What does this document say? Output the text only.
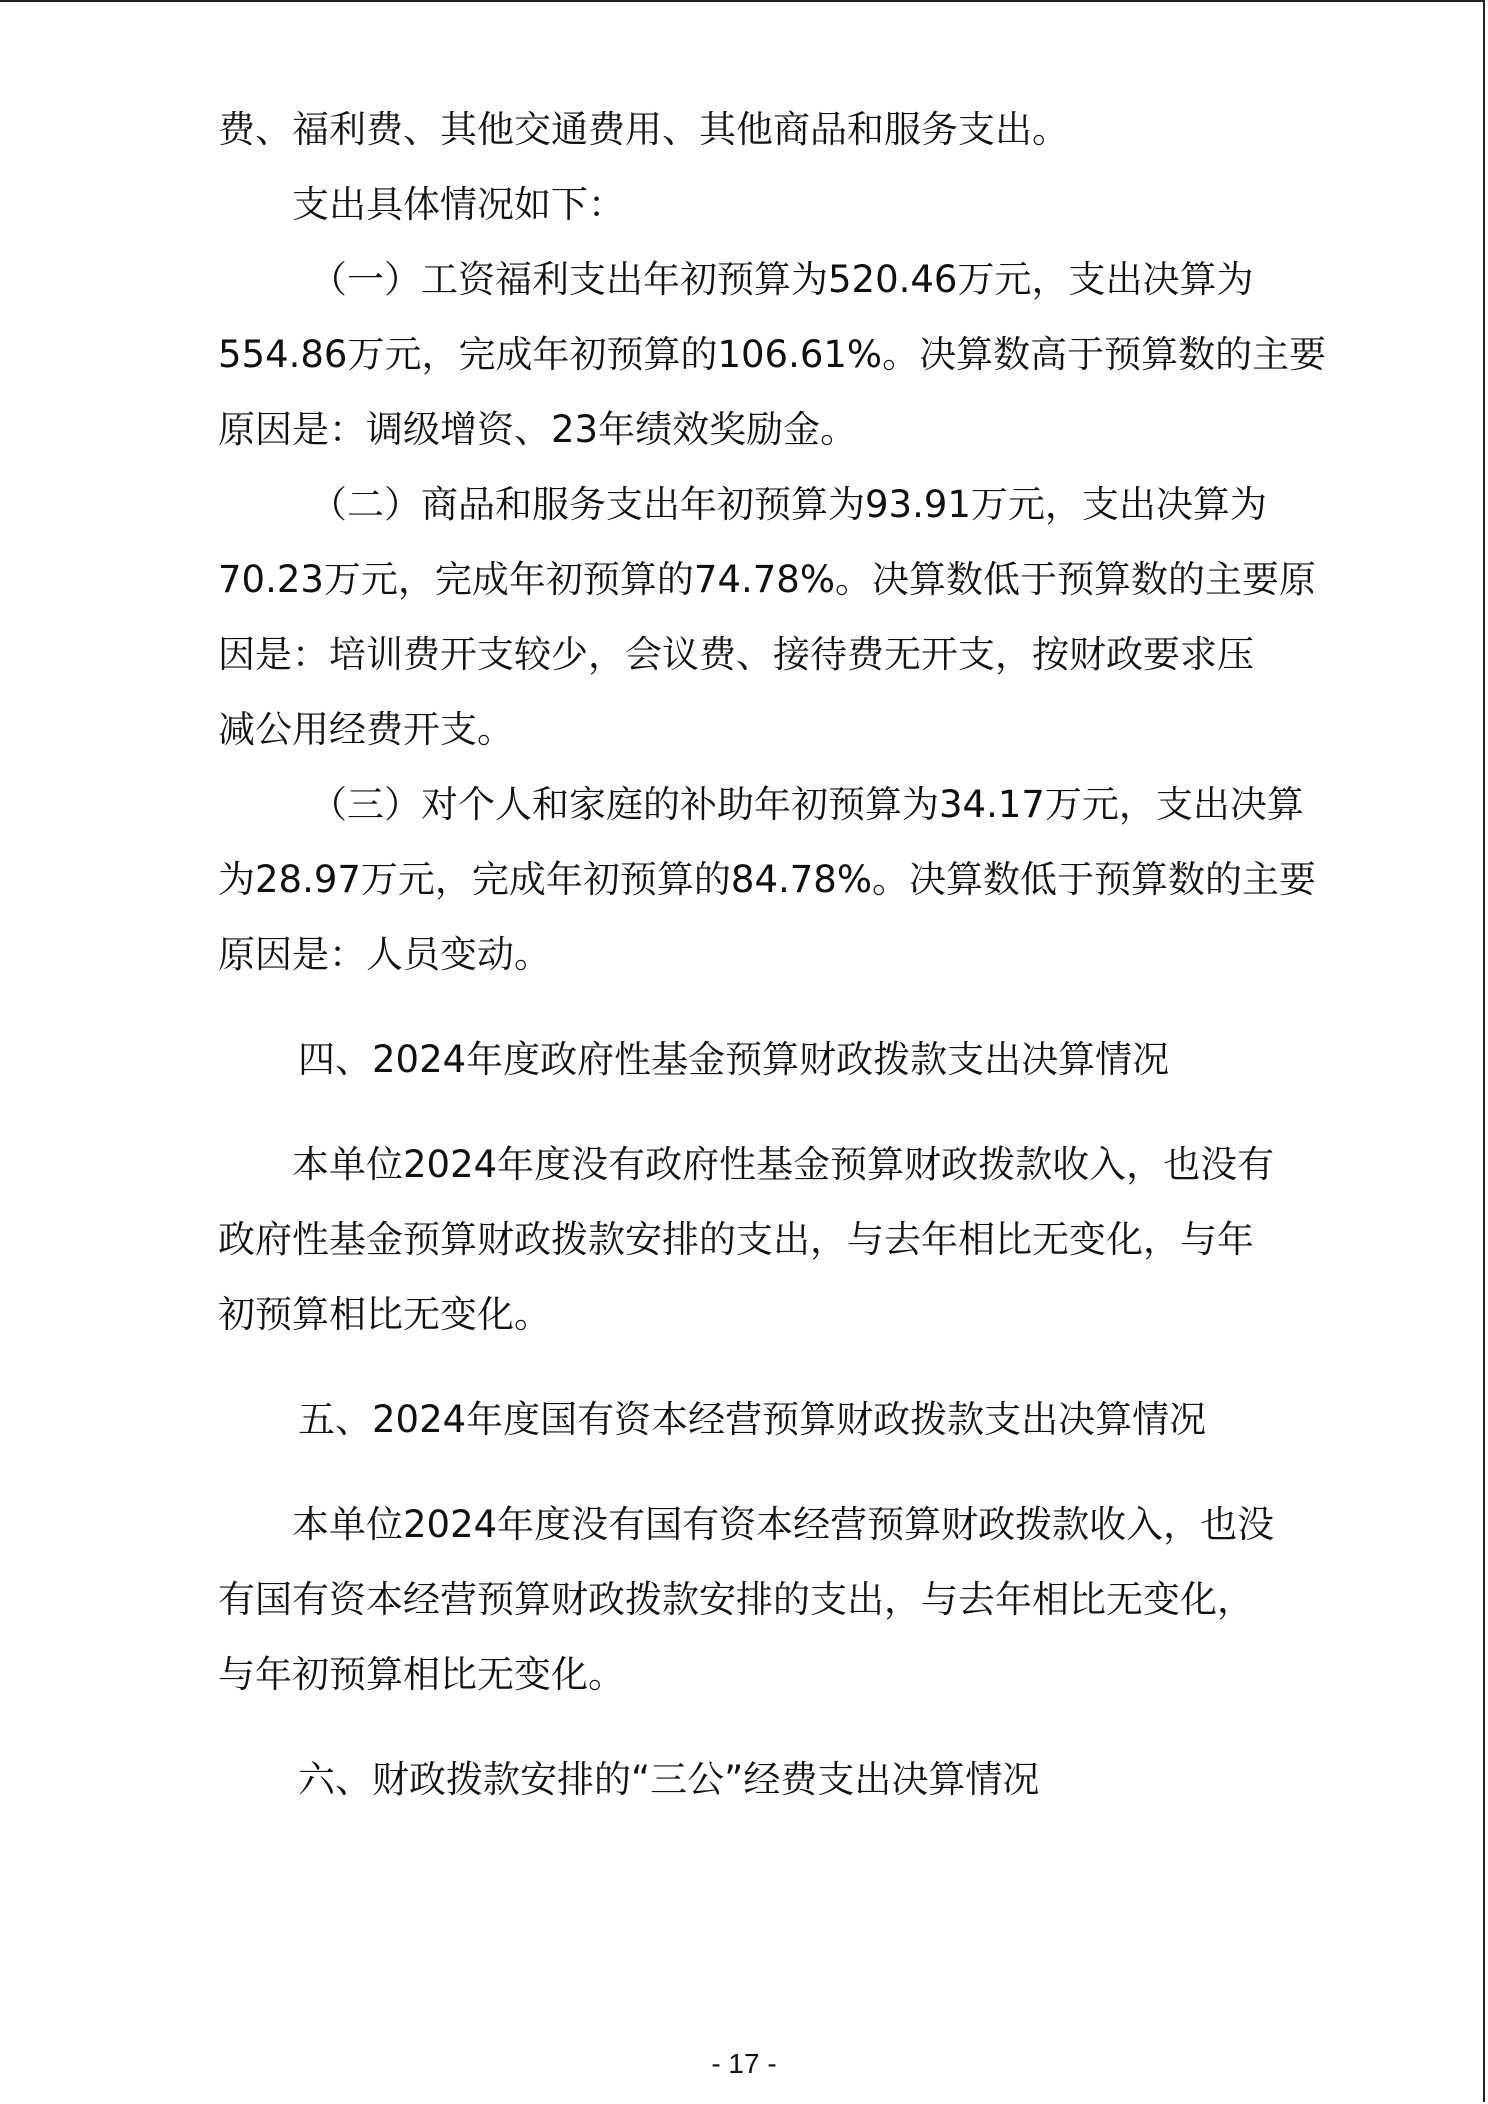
费、福利费、其他交通费用、其他商品和服务支出。
支出具体情况如下：
（一）工资福利支出年初预算为520.46万元，支出决算为
554.86万元，完成年初预算的106.61%。决算数高于预算数的主要
原因是：调级增资、23年绩效奖励金。
（二）商品和服务支出年初预算为93.91万元，支出决算为
70.23万元，完成年初预算的74.78%。决算数低于预算数的主要原
因是：培训费开支较少，会议费、接待费无开支，按财政要求压
减公用经费开支。
（三）对个人和家庭的补助年初预算为34.17万元，支出决算
为28.97万元，完成年初预算的84.78%。决算数低于预算数的主要
原因是：人员变动。
四、2024年度政府性基金预算财政拨款支出决算情况
本单位2024年度没有政府性基金预算财政拨款收入，也没有
政府性基金预算财政拨款安排的支出，与去年相比无变化，与年
初预算相比无变化。
五、2024年度国有资本经营预算财政拨款支出决算情况
本单位2024年度没有国有资本经营预算财政拨款收入，也没
有国有资本经营预算财政拨款安排的支出，与去年相比无变化，
与年初预算相比无变化。
六、财政拨款安排的“三公”经费支出决算情况
- 17 -
